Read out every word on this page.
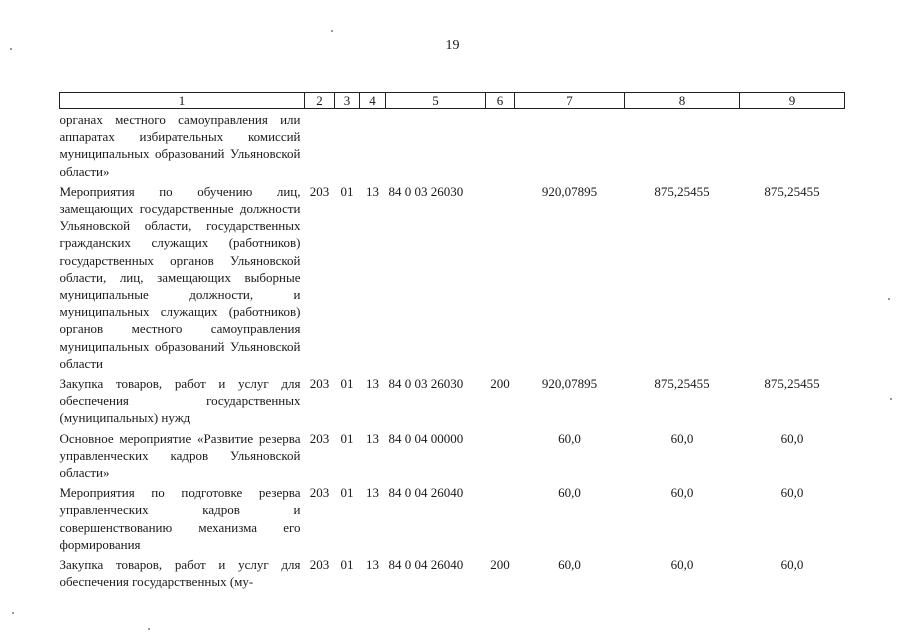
19
1	2	3	4	5	6	7	8	9
органах местного самоуправления или аппаратах избирательных комиссий муниципальных образований Ульяновской области»								
Мероприятия по обучению лиц, замещающих государственные должности Ульяновской области, государственных гражданских служащих (работников) государственных органов Ульяновской области, лиц, замещающих выборные муниципальные должности, и муниципальных служащих (работников) органов местного самоуправления муниципальных образований Ульяновской области	203	01	13	84 0 03 26030		920,07895	875,25455	875,25455
Закупка товаров, работ и услуг для обеспечения государственных (муниципальных) нужд	203	01	13	84 0 03 26030	200	920,07895	875,25455	875,25455
Основное мероприятие «Развитие резерва управленческих кадров Ульяновской области»	203	01	13	84 0 04 00000		60,0	60,0	60,0
Мероприятия по подготовке резерва управленческих кадров и совершенствованию механизма его формирования	203	01	13	84 0 04 26040		60,0	60,0	60,0
Закупка товаров, работ и услуг для обеспечения государственных (му-	203	01	13	84 0 04 26040	200	60,0	60,0	60,0
